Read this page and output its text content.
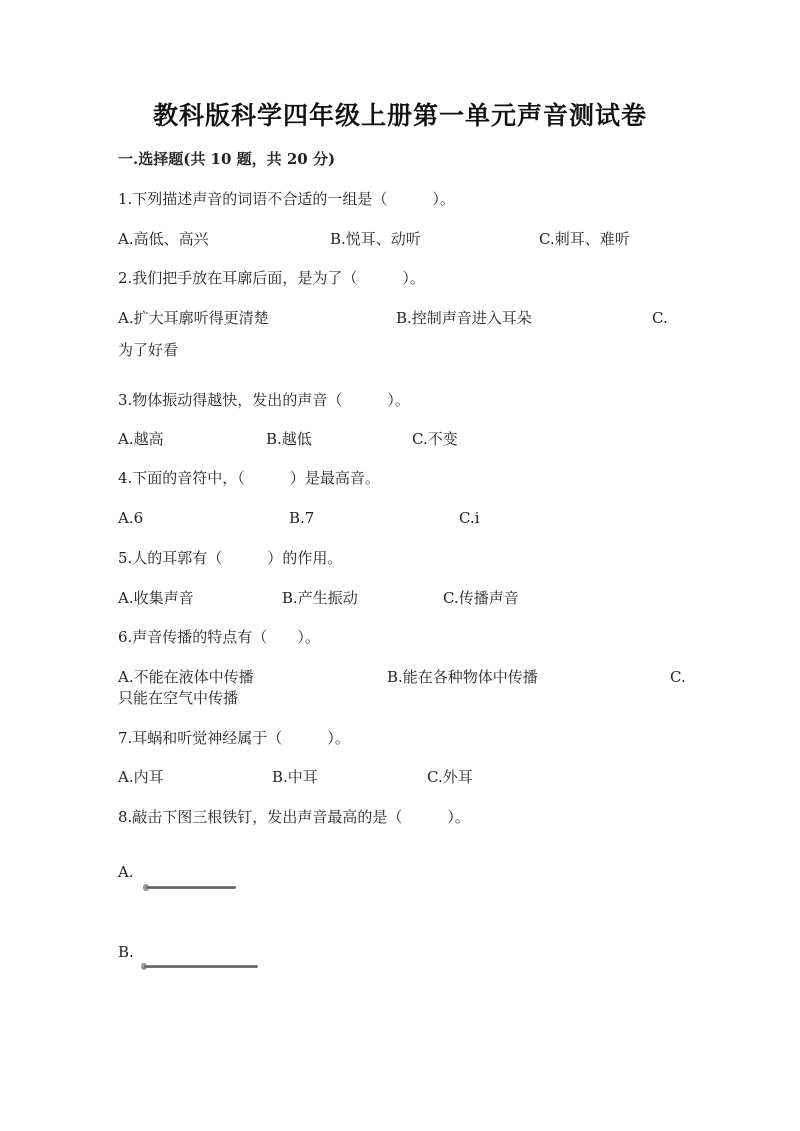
教科版科学四年级上册第一单元声音测试卷
一.选择题(共 10 题，共 20 分)
1.下列描述声音的词语不合适的一组是（　　　）。
A.高低、高兴	B.悦耳、动听	C.刺耳、难听
2.我们把手放在耳廓后面，是为了（　　　）。
A.扩大耳廓听得更清楚	B.控制声音进入耳朵	C.
为了好看
3.物体振动得越快，发出的声音（　　　）。
A.越高	B.越低	C.不变
4.下面的音符中，（　　　）是最高音。
A.6	B.7	C.i
5.人的耳郭有（　　　）的作用。
A.收集声音	B.产生振动	C.传播声音
6.声音传播的特点有（　　）。
A.不能在液体中传播	B.能在各种物体中传播	C.
只能在空气中传播
7.耳蜗和听觉神经属于（　　　）。
A.内耳	B.中耳	C.外耳
8.敲击下图三根铁钉，发出声音最高的是（　　　）。
A.
B.
